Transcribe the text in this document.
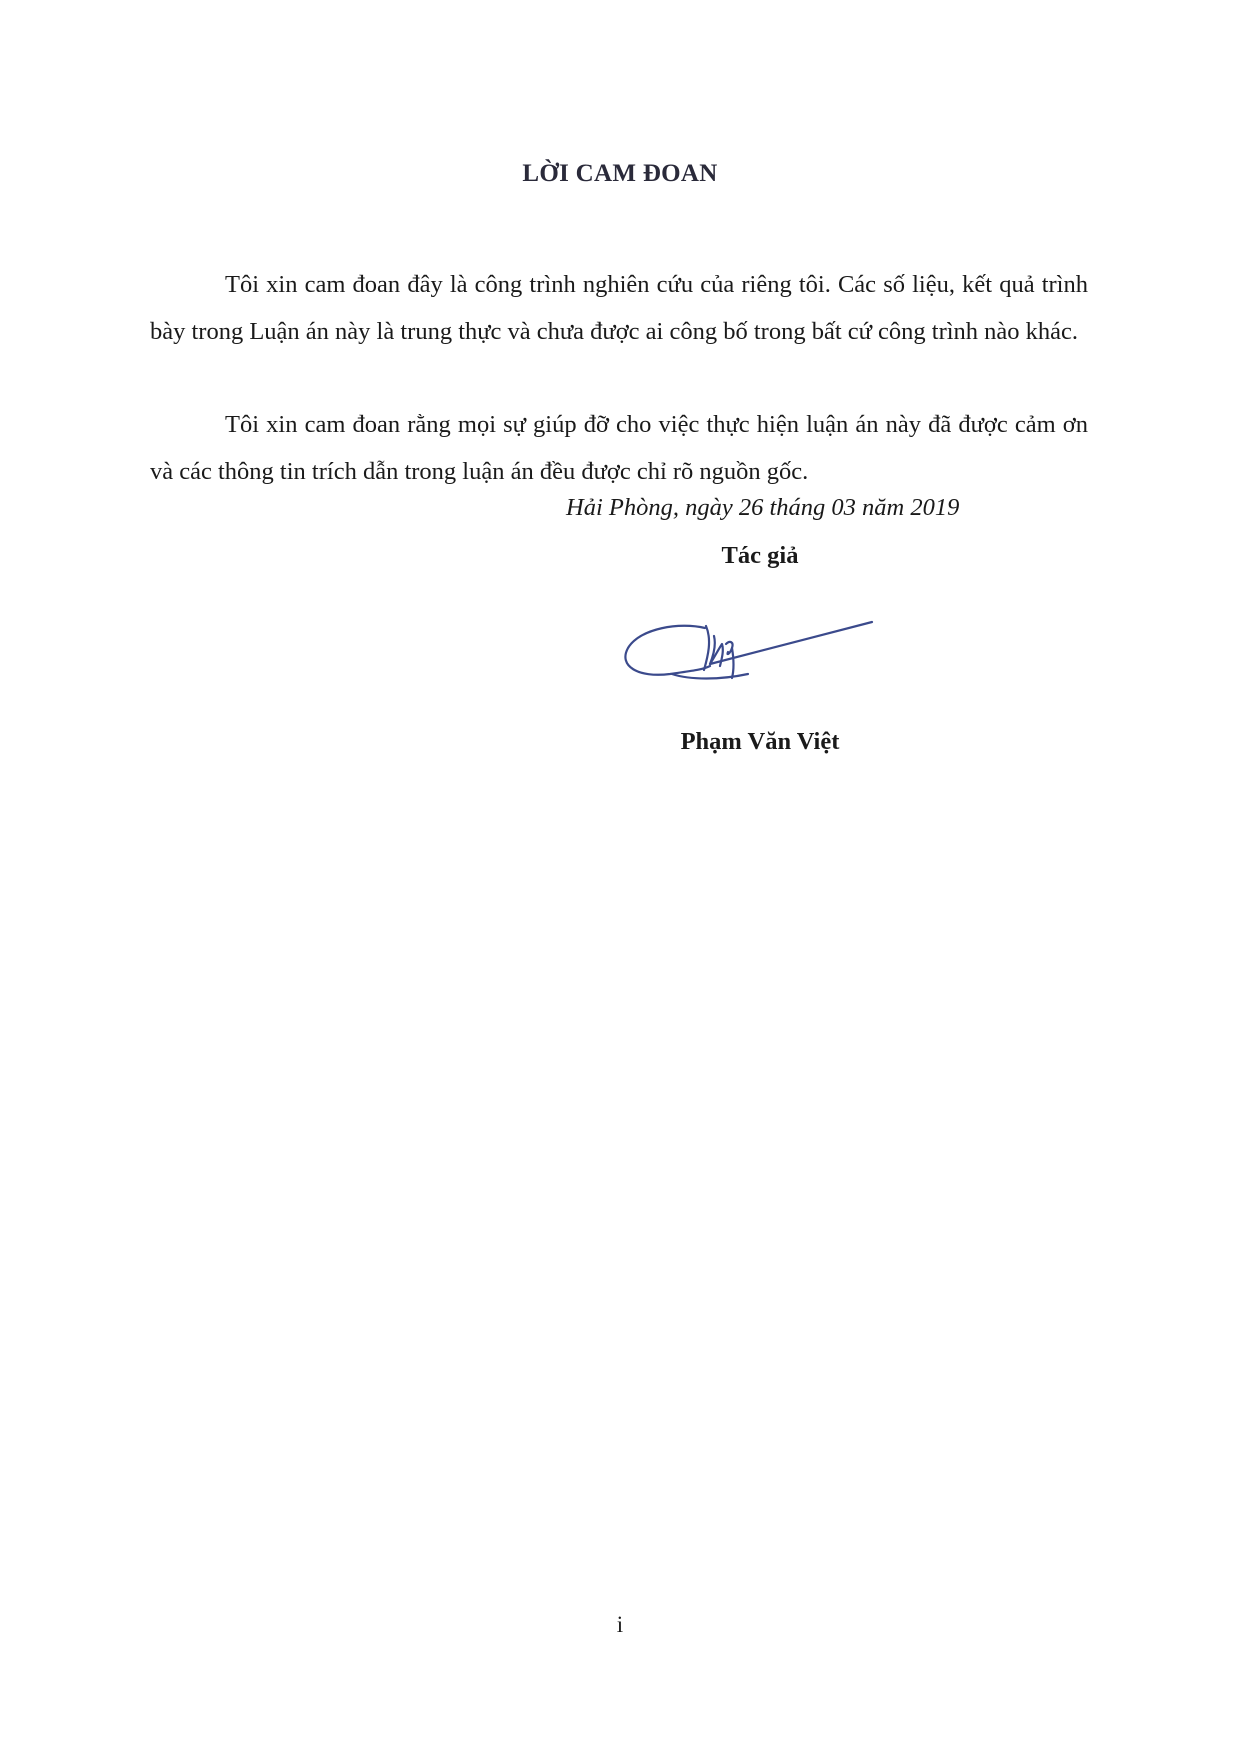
LỜI CAM ĐOAN

Tôi xin cam đoan đây là công trình nghiên cứu của riêng tôi. Các số liệu, kết quả trình bày trong Luận án này là trung thực và chưa được ai công bố trong bất cứ công trình nào khác.

Tôi xin cam đoan rằng mọi sự giúp đỡ cho việc thực hiện luận án này đã được cảm ơn và các thông tin trích dẫn trong luận án đều được chỉ rõ nguồn gốc.

Hải Phòng, ngày 26 tháng 03 năm 2019

Tác giả

Phạm Văn Việt

i
